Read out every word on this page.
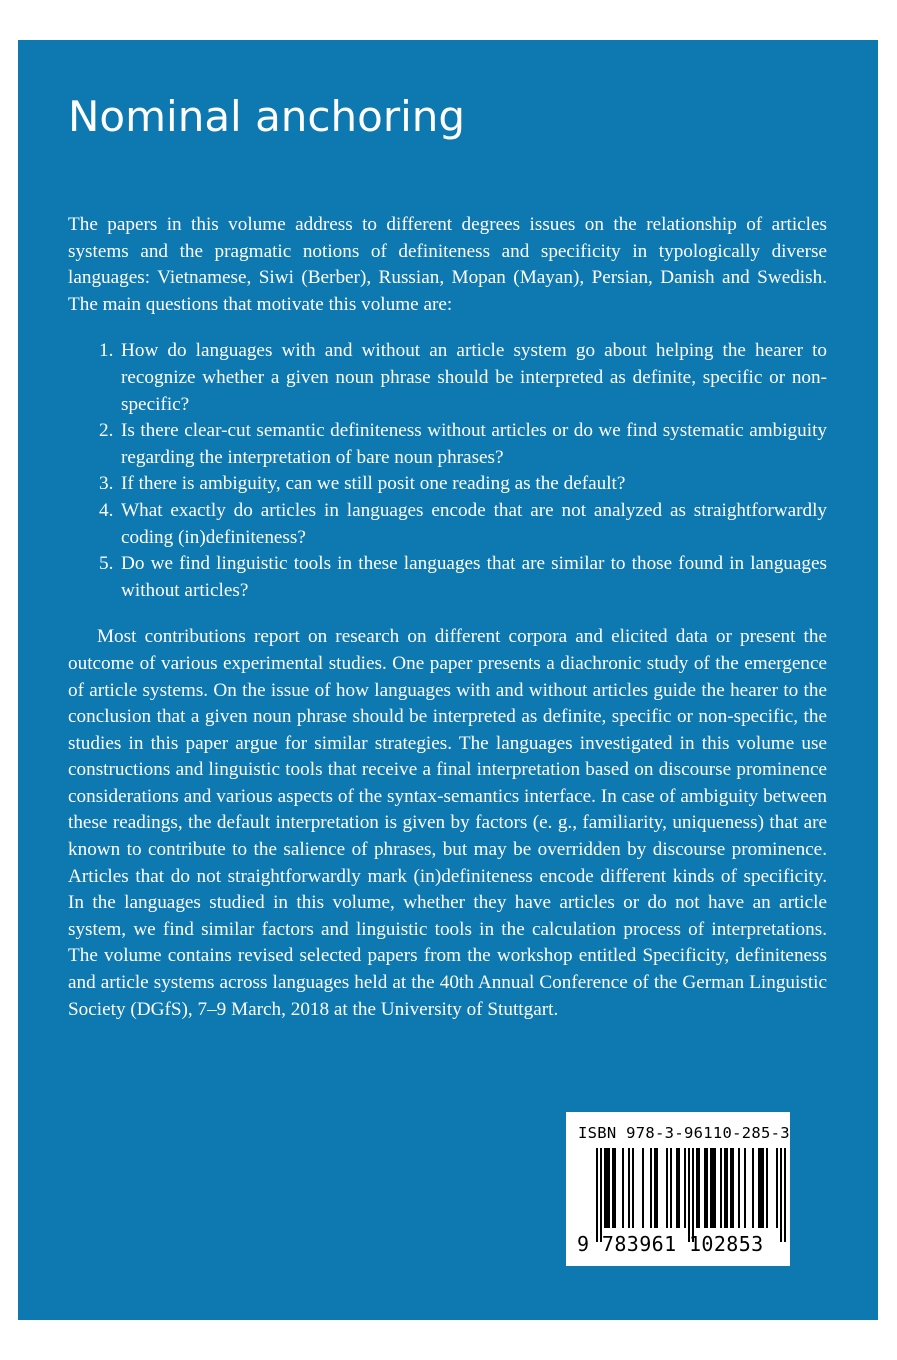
Nominal anchoring

The papers in this volume address to different degrees issues on the relationship of articles systems and the pragmatic notions of definiteness and specificity in typologically diverse languages: Vietnamese, Siwi (Berber), Russian, Mopan (Mayan), Persian, Danish and Swedish. The main questions that motivate this volume are:

1. How do languages with and without an article system go about helping the hearer to recognize whether a given noun phrase should be interpreted as definite, specific or non-specific?
2. Is there clear-cut semantic definiteness without articles or do we find systematic ambiguity regarding the interpretation of bare noun phrases?
3. If there is ambiguity, can we still posit one reading as the default?
4. What exactly do articles in languages encode that are not analyzed as straightforwardly coding (in)definiteness?
5. Do we find linguistic tools in these languages that are similar to those found in languages without articles?

Most contributions report on research on different corpora and elicited data or present the outcome of various experimental studies. One paper presents a diachronic study of the emergence of article systems. On the issue of how languages with and without articles guide the hearer to the conclusion that a given noun phrase should be interpreted as definite, specific or non-specific, the studies in this paper argue for similar strategies. The languages investigated in this volume use constructions and linguistic tools that receive a final interpretation based on discourse prominence considerations and various aspects of the syntax-semantics interface. In case of ambiguity between these readings, the default interpretation is given by factors (e. g., familiarity, uniqueness) that are known to contribute to the salience of phrases, but may be overridden by discourse prominence. Articles that do not straightforwardly mark (in)definiteness encode different kinds of specificity. In the languages studied in this volume, whether they have articles or do not have an article system, we find similar factors and linguistic tools in the calculation process of interpretations. The volume contains revised selected papers from the workshop entitled Specificity, definiteness and article systems across languages held at the 40th Annual Conference of the German Linguistic Society (DGfS), 7–9 March, 2018 at the University of Stuttgart.

ISBN 978-3-96110-285-3
9 783961 102853
